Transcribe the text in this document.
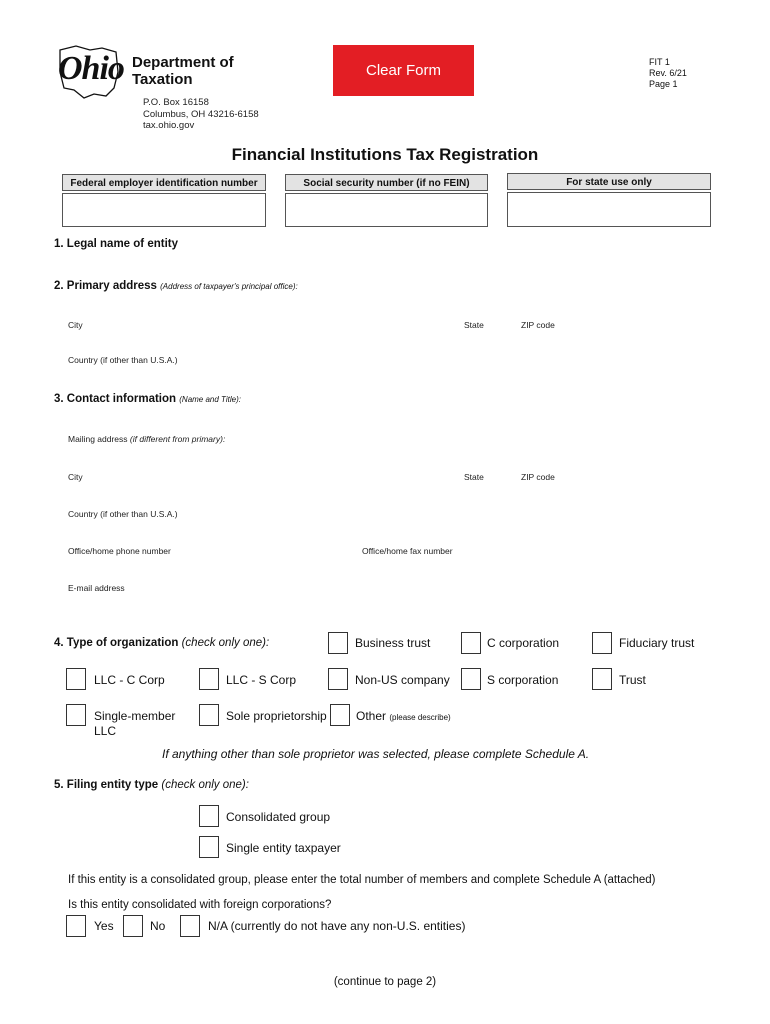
Ohio Department of
Taxation
P.O. Box 16158
Columbus, OH 43216-6158
tax.ohio.gov
Clear Form	FIT 1
Rev. 6/21
Page 1
Financial Institutions Tax Registration
Federal employer identification number	Social security number (if no FEIN)	For state use only
1. Legal name of entity
2. Primary address (Address of taxpayer's principal office):
City	State	ZIP code
Country (if other than U.S.A.)
3. Contact information (Name and Title):
Mailing address (if different from primary):
City	State	ZIP code
Country (if other than U.S.A.)
Office/home phone number	Office/home fax number
E-mail address
4. Type of organization (check only one):	Business trust	C corporation	Fiduciary trust
LLC - C Corp	LLC - S Corp	Non-US company	S corporation	Trust
Single-member
LLC
Sole proprietorship Other (please describe)
If anything other than sole proprietor was selected, please complete Schedule A.
5. Filing entity type (check only one):
Consolidated group
Single entity taxpayer
If this entity is a consolidated group, please enter the total number of members and complete Schedule A (attached)
Is this entity consolidated with foreign corporations?
Yes	No	N/A (currently do not have any non-U.S. entities)
(continue to page 2)
